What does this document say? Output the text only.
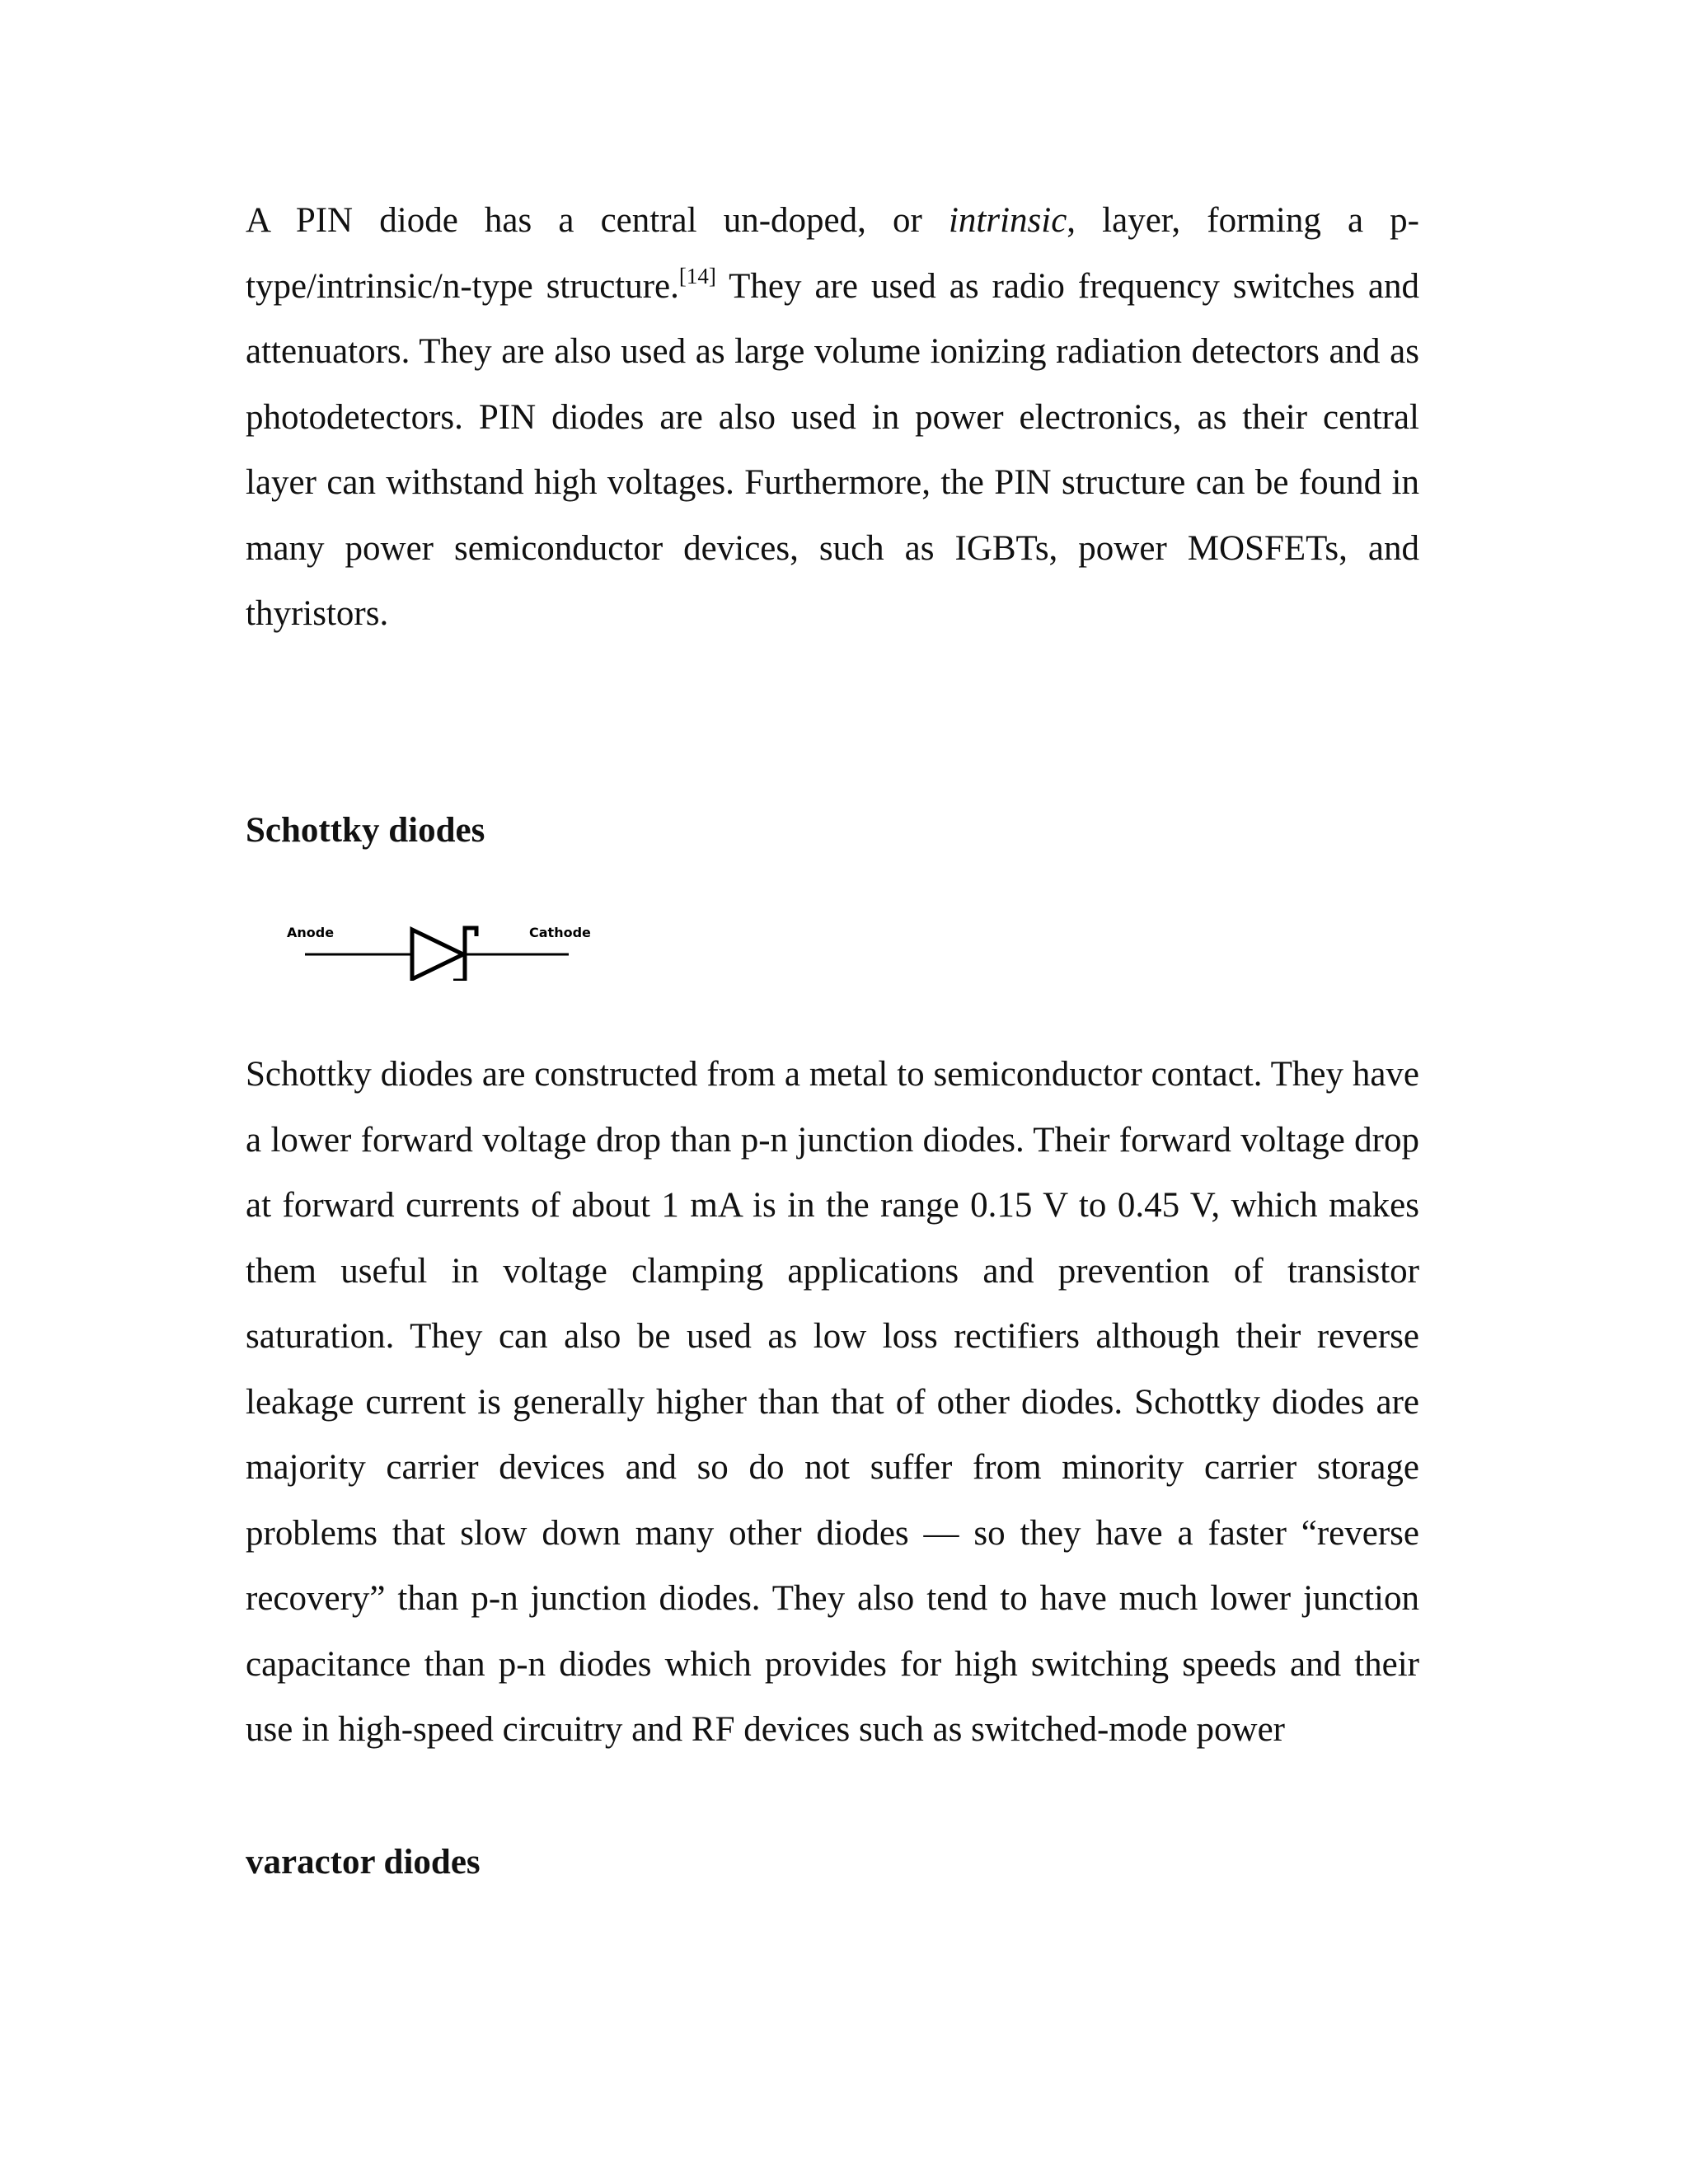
A PIN diode has a central un-doped, or intrinsic, layer, forming a p-type/intrinsic/n-type structure.[14] They are used as radio frequency switches and attenuators. They are also used as large volume ionizing radiation detectors and as photodetectors. PIN diodes are also used in power electronics, as their central layer can withstand high voltages. Furthermore, the PIN structure can be found in many power semiconductor devices, such as IGBTs, power MOSFETs, and thyristors.

Schottky diodes
Anode	Cathode

Schottky diodes are constructed from a metal to semiconductor contact. They have a lower forward voltage drop than p-n junction diodes. Their forward voltage drop at forward currents of about 1 mA is in the range 0.15 V to 0.45 V, which makes them useful in voltage clamping applications and prevention of transistor saturation. They can also be used as low loss rectifiers although their reverse leakage current is generally higher than that of other diodes. Schottky diodes are majority carrier devices and so do not suffer from minority carrier storage problems that slow down many other diodes — so they have a faster “reverse recovery” than p-n junction diodes. They also tend to have much lower junction capacitance than p-n diodes which provides for high switching speeds and their use in high-speed circuitry and RF devices such as switched-mode power

varactor diodes
